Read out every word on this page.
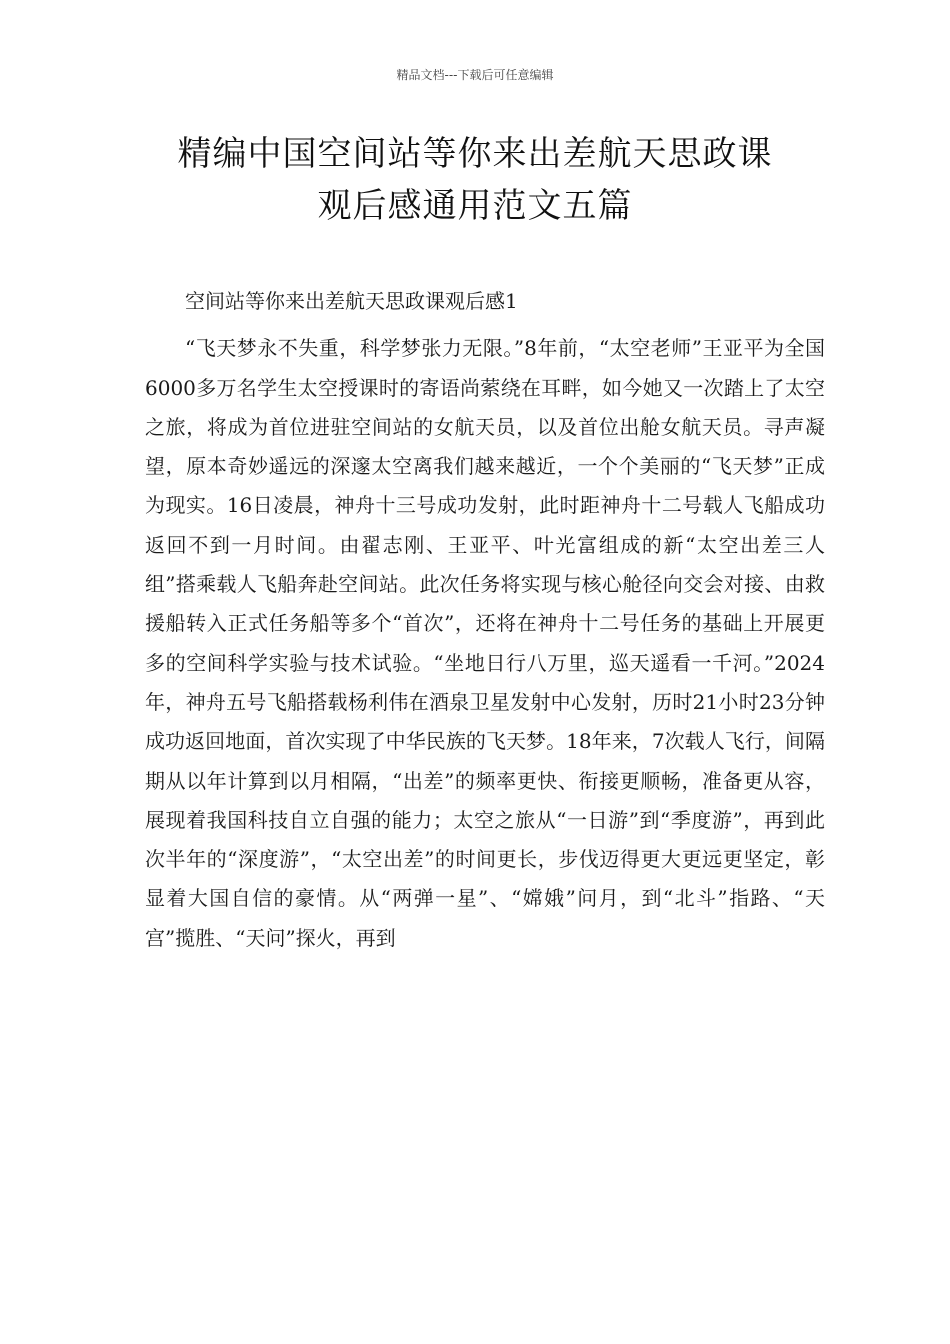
精品文档---下载后可任意编辑
精编中国空间站等你来出差航天思政课
观后感通用范文五篇

空间站等你来出差航天思政课观后感1

“飞天梦永不失重，科学梦张力无限。”8年前，“太空老师”王亚平为全国6000多万名学生太空授课时的寄语尚萦绕在耳畔，如今她又一次踏上了太空之旅，将成为首位进驻空间站的女航天员，以及首位出舱女航天员。寻声凝望，原本奇妙遥远的深邃太空离我们越来越近，一个个美丽的“飞天梦”正成为现实。16日凌晨，神舟十三号成功发射，此时距神舟十二号载人飞船成功返回不到一月时间。由翟志刚、王亚平、叶光富组成的新“太空出差三人组”搭乘载人飞船奔赴空间站。此次任务将实现与核心舱径向交会对接、由救援船转入正式任务船等多个“首次”，还将在神舟十二号任务的基础上开展更多的空间科学实验与技术试验。“坐地日行八万里，巡天遥看一千河。”2024年，神舟五号飞船搭载杨利伟在酒泉卫星发射中心发射，历时21小时23分钟成功返回地面，首次实现了中华民族的飞天梦。18年来，7次载人飞行，间隔期从以年计算到以月相隔，“出差”的频率更快、衔接更顺畅，准备更从容，展现着我国科技自立自强的能力；太空之旅从“一日游”到“季度游”，再到此次半年的“深度游”，“太空出差”的时间更长，步伐迈得更大更远更坚定，彰显着大国自信的豪情。从“两弹一星”、“嫦娥”问月，到“北斗”指路、“天宫”揽胜、“天问”探火，再到
